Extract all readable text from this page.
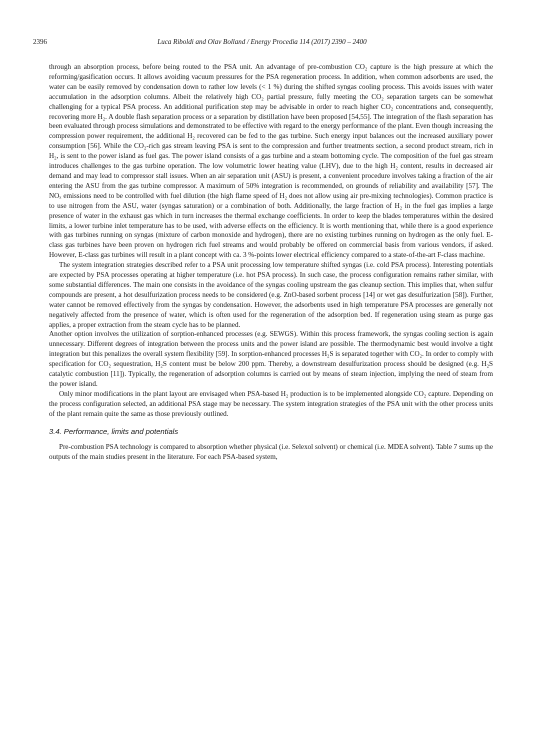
2396	Luca Riboldi and Olav Bolland / Energy Procedia 114 (2017) 2390 – 2400

through an absorption process, before being routed to the PSA unit. An advantage of pre-combustion CO₂ capture is the high pressure at which the reforming/gasification occurs. It allows avoiding vacuum pressures for the PSA regeneration process. In addition, when common adsorbents are used, the water can be easily removed by condensation down to rather low levels (< 1 %) during the shifted syngas cooling process. This avoids issues with water accumulation in the adsorption columns. Albeit the relatively high CO₂ partial pressure, fully meeting the CO₂ separation targets can be somewhat challenging for a typical PSA process. An additional purification step may be advisable in order to reach higher CO₂ concentrations and, consequently, recovering more H₂. A double flash separation process or a separation by distillation have been proposed [54,55]. The integration of the flash separation has been evaluated through process simulations and demonstrated to be effective with regard to the energy performance of the plant. Even though increasing the compression power requirement, the additional H₂ recovered can be fed to the gas turbine. Such energy input balances out the increased auxiliary power consumption [56]. While the CO₂-rich gas stream leaving PSA is sent to the compression and further treatments section, a second product stream, rich in H₂, is sent to the power island as fuel gas. The power island consists of a gas turbine and a steam bottoming cycle. The composition of the fuel gas stream introduces challenges to the gas turbine operation. The low volumetric lower heating value (LHV), due to the high H₂ content, results in decreased air demand and may lead to compressor stall issues. When an air separation unit (ASU) is present, a convenient procedure involves taking a fraction of the air entering the ASU from the gas turbine compressor. A maximum of 50% integration is recommended, on grounds of reliability and availability [57]. The NOₓ emissions need to be controlled with fuel dilution (the high flame speed of H₂ does not allow using air pre-mixing technologies). Common practice is to use nitrogen from the ASU, water (syngas saturation) or a combination of both. Additionally, the large fraction of H₂ in the fuel gas implies a large presence of water in the exhaust gas which in turn increases the thermal exchange coefficients. In order to keep the blades temperatures within the desired limits, a lower turbine inlet temperature has to be used, with adverse effects on the efficiency. It is worth mentioning that, while there is a good experience with gas turbines running on syngas (mixture of carbon monoxide and hydrogen), there are no existing turbines running on hydrogen as the only fuel. E-class gas turbines have been proven on hydrogen rich fuel streams and would probably be offered on commercial basis from various vendors, if asked. However, E-class gas turbines will result in a plant concept with ca. 3 %-points lower electrical efficiency compared to a state-of-the-art F-class machine.

The system integration strategies described refer to a PSA unit processing low temperature shifted syngas (i.e. cold PSA process). Interesting potentials are expected by PSA processes operating at higher temperature (i.e. hot PSA process). In such case, the process configuration remains rather similar, with some substantial differences. The main one consists in the avoidance of the syngas cooling upstream the gas cleanup section. This implies that, when sulfur compounds are present, a hot desulfurization process needs to be considered (e.g. ZnO-based sorbent process [14] or wet gas desulfurization [58]). Further, water cannot be removed effectively from the syngas by condensation. However, the adsorbents used in high temperature PSA processes are generally not negatively affected from the presence of water, which is often used for the regeneration of the adsorption bed. If regeneration using steam as purge gas applies, a proper extraction from the steam cycle has to be planned.

Another option involves the utilization of sorption-enhanced processes (e.g. SEWGS). Within this process framework, the syngas cooling section is again unnecessary. Different degrees of integration between the process units and the power island are possible. The thermodynamic best would involve a tight integration but this penalizes the overall system flexibility [59]. In sorption-enhanced processes H₂S is separated together with CO₂. In order to comply with specification for CO₂ sequestration, H₂S content must be below 200 ppm. Thereby, a downstream desulfurization process should be designed (e.g. H₂S catalytic combustion [11]). Typically, the regeneration of adsorption columns is carried out by means of steam injection, implying the need of steam from the power island.

Only minor modifications in the plant layout are envisaged when PSA-based H₂ production is to be implemented alongside CO₂ capture. Depending on the process configuration selected, an additional PSA stage may be necessary. The system integration strategies of the PSA unit with the other process units of the plant remain quite the same as those previously outlined.

3.4. Performance, limits and potentials

Pre-combustion PSA technology is compared to absorption whether physical (i.e. Selexol solvent) or chemical (i.e. MDEA solvent). Table 7 sums up the outputs of the main studies present in the literature. For each PSA-based system,
